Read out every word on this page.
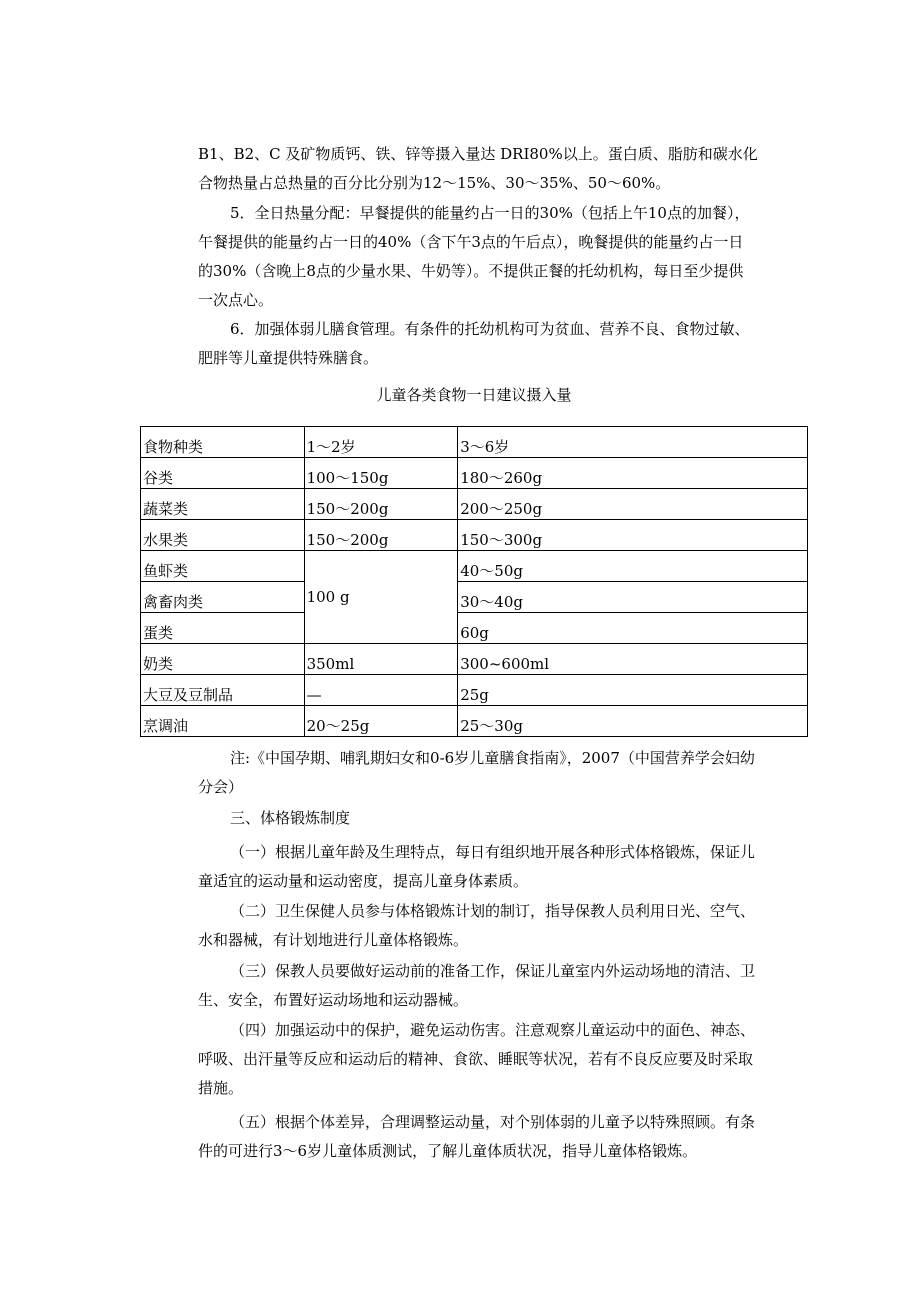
B1、B2、C 及矿物质钙、铁、锌等摄入量达 DRI80%以上。蛋白质、脂肪和碳水化合物热量占总热量的百分比分别为12～15%、30～35%、50～60%。

5．全日热量分配：早餐提供的能量约占一日的30%（包括上午10点的加餐），午餐提供的能量约占一日的40%（含下午3点的午后点），晚餐提供的能量约占一日的30%（含晚上8点的少量水果、牛奶等）。不提供正餐的托幼机构，每日至少提供一次点心。

6．加强体弱儿膳食管理。有条件的托幼机构可为贫血、营养不良、食物过敏、肥胖等儿童提供特殊膳食。

儿童各类食物一日建议摄入量
食物种类	1～2岁	3～6岁
谷类	100～150g	180～260g
蔬菜类	150～200g	200～250g
水果类	150～200g	150～300g
鱼虾类	100 g	40～50g
禽畜肉类		30～40g
蛋类		60g
奶类	350ml	300~600ml
大豆及豆制品	—	25g
烹调油	20～25g	25～30g

注:《中国孕期、哺乳期妇女和0-6岁儿童膳食指南》，2007（中国营养学会妇幼分会）

三、体格锻炼制度

（一）根据儿童年龄及生理特点，每日有组织地开展各种形式体格锻炼，保证儿童适宜的运动量和运动密度，提高儿童身体素质。

（二）卫生保健人员参与体格锻炼计划的制订，指导保教人员利用日光、空气、水和器械，有计划地进行儿童体格锻炼。

（三）保教人员要做好运动前的准备工作，保证儿童室内外运动场地的清洁、卫生、安全，布置好运动场地和运动器械。

（四）加强运动中的保护，避免运动伤害。注意观察儿童运动中的面色、神态、呼吸、出汗量等反应和运动后的精神、食欲、睡眠等状况，若有不良反应要及时采取措施。

（五）根据个体差异，合理调整运动量，对个别体弱的儿童予以特殊照顾。有条件的可进行3～6岁儿童体质测试，了解儿童体质状况，指导儿童体格锻炼。
